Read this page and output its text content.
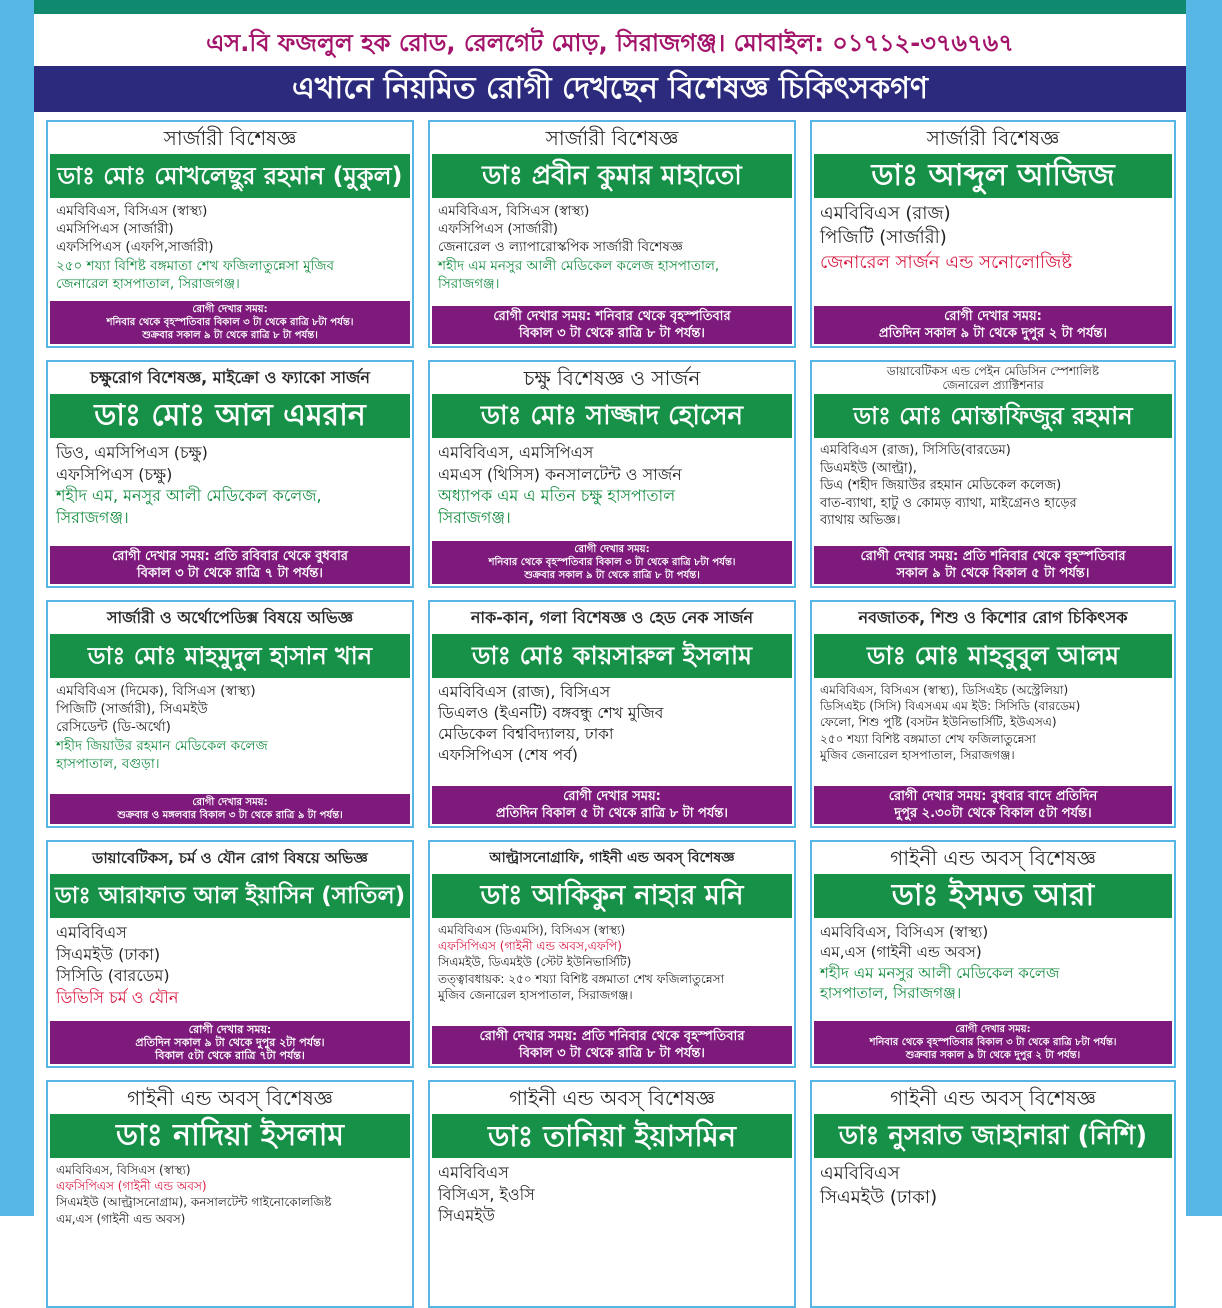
এস.বি ফজলুল হক রোড, রেলগেট মোড়, সিরাজগঞ্জ। মোবাইল: ০১৭১২-৩৭৬৭৬৭
এখানে নিয়মিত রোগী দেখছেন বিশেষজ্ঞ চিকিৎসকগণ
সার্জারী বিশেষজ্ঞ
ডাঃ মোঃ মোখলেছুর রহমান (মুকুল)
এমবিবিএস, বিসিএস (স্বাস্থ্য)
এমসিপিএস (সার্জারী)
এফসিপিএস (এফপি,সার্জারী)
২৫০ শয্যা বিশিষ্ট বঙ্গমাতা শেখ ফজিলাতুন্নেসা মুজিব
জেনারেল হাসপাতাল, সিরাজগঞ্জ।
রোগী দেখার সময়:
শনিবার থেকে বৃহস্পতিবার বিকাল ৩ টা থেকে রাত্রি ৮টা পর্যন্ত।
শুক্রবার সকাল ৯ টা থেকে রাত্রি ৮ টা পর্যন্ত।
সার্জারী বিশেষজ্ঞ
ডাঃ প্রবীন কুমার মাহাতো
এমবিবিএস, বিসিএস (স্বাস্থ্য)
এফসিপিএস (সার্জারী)
জেনারেল ও ল্যাপারোস্কপিক সার্জারী বিশেষজ্ঞ
শহীদ এম মনসুর আলী মেডিকেল কলেজ হাসপাতাল,
সিরাজগঞ্জ।
রোগী দেখার সময়: শনিবার থেকে বৃহস্পতিবার
বিকাল ৩ টা থেকে রাত্রি ৮ টা পর্যন্ত।
সার্জারী বিশেষজ্ঞ
ডাঃ আব্দুল আজিজ
এমবিবিএস (রাজ)
পিজিটি (সার্জারী)
জেনারেল সার্জন এন্ড সনোলোজিষ্ট
রোগী দেখার সময়:
প্রতিদিন সকাল ৯ টা থেকে দুপুর ২ টা পর্যন্ত।
চক্ষুরোগ বিশেষজ্ঞ, মাইক্রো ও ফ্যাকো সার্জন
ডাঃ মোঃ আল এমরান
ডিও, এমসিপিএস (চক্ষু)
এফসিপিএস (চক্ষু)
শহীদ এম, মনসুর আলী মেডিকেল কলেজ,
সিরাজগঞ্জ।
রোগী দেখার সময়: প্রতি রবিবার থেকে বুধবার
বিকাল ৩ টা থেকে রাত্রি ৭ টা পর্যন্ত।
চক্ষু বিশেষজ্ঞ ও সার্জন
ডাঃ মোঃ সাজ্জাদ হোসেন
এমবিবিএস, এমসিপিএস
এমএস (থিসিস) কনসালটেন্ট ও সার্জন
অধ্যাপক এম এ মতিন চক্ষু হাসপাতাল
সিরাজগঞ্জ।
রোগী দেখার সময়:
শনিবার থেকে বৃহস্পতিবার বিকাল ৩ টা থেকে রাত্রি ৮টা পর্যন্ত।
শুক্রবার সকাল ৯ টা থেকে রাত্রি ৮ টা পর্যন্ত।
ডায়াবেটিকস এন্ড পেইন মেডিসিন স্পেশালিষ্ট
জেনারেল প্র্যাক্টিশনার
ডাঃ মোঃ মোস্তাফিজুর রহমান
এমবিবিএস (রাজ), সিসিডি(বারডেম)
ডিএমইউ (আল্ট্রা),
ডিএ (শহীদ জিয়াউর রহমান মেডিকেল কলেজ)
বাত-ব্যাথা, হাটু ও কোমড় ব্যাথা, মাইগ্রেনও হাড়ের
ব্যাথায় অভিজ্ঞ।
রোগী দেখার সময়: প্রতি শনিবার থেকে বৃহস্পতিবার
সকাল ৯ টা থেকে বিকাল ৫ টা পর্যন্ত।
সার্জারী ও অর্থোপেডিক্স বিষয়ে অভিজ্ঞ
ডাঃ মোঃ মাহমুদুল হাসান খান
এমবিবিএস (দিমেক), বিসিএস (স্বাস্থ্য)
পিজিটি (সার্জারী), সিএমইউ
রেসিডেন্ট (ডি-অর্থো)
শহীদ জিয়াউর রহমান মেডিকেল কলেজ
হাসপাতাল, বগুড়া।
রোগী দেখার সময়:
শুক্রবার ও মঙ্গলবার বিকাল ৩ টা থেকে রাত্রি ৯ টা পর্যন্ত।
নাক-কান, গলা বিশেষজ্ঞ ও হেড নেক সার্জন
ডাঃ মোঃ কায়সারুল ইসলাম
এমবিবিএস (রাজ), বিসিএস
ডিএলও (ইএনটি) বঙ্গবন্ধু শেখ মুজিব
মেডিকেল বিশ্ববিদ্যালয়, ঢাকা
এফসিপিএস (শেষ পর্ব)
রোগী দেখার সময়:
প্রতিদিন বিকাল ৫ টা থেকে রাত্রি ৮ টা পর্যন্ত।
নবজাতক, শিশু ও কিশোর রোগ চিকিৎসক
ডাঃ মোঃ মাহবুবুল আলম
এমবিবিএস, বিসিএস (স্বাস্থ্য), ডিসিএইচ (অস্ট্রেলিয়া)
ডিসিএইচ (সিসি) বিএসএম এম ইউ: সিসিডি (বারডেম)
ফেলো, শিশু পুষ্টি (বসটন ইউনিভার্সিটি, ইউএসএ)
২৫০ শয্যা বিশিষ্ট বঙ্গমাতা শেখ ফজিলাতুন্নেসা
মুজিব জেনারেল হাসপাতাল, সিরাজগঞ্জ।
রোগী দেখার সময়: বুধবার বাদে প্রতিদিন
দুপুর ২.৩০টা থেকে বিকাল ৫টা পর্যন্ত।
ডায়াবেটিকস, চর্ম ও যৌন রোগ বিষয়ে অভিজ্ঞ
ডাঃ আরাফাত আল ইয়াসিন (সাতিল)
এমবিবিএস
সিএমইউ (ঢাকা)
সিসিডি (বারডেম)
ডিভিসি চর্ম ও যৌন
রোগী দেখার সময়:
প্রতিদিন সকাল ৯ টা থেকে দুপুর ২টা পর্যন্ত।
বিকাল ৫টা থেকে রাত্রি ৭টা পর্যন্ত।
আল্ট্রাসনোগ্রাফি, গাইনী এন্ড অবস্ বিশেষজ্ঞ
ডাঃ আকিকুন নাহার মনি
এমবিবিএস (ডিএমসি), বিসিএস (স্বাস্থ্য)
এফসিপিএস (গাইনী এন্ড অবস,এফপি)
সিএমইউ, ডিএমইউ (স্টেট ইউনিভার্সিটি)
তত্ত্বাবধায়ক: ২৫০ শয্যা বিশিষ্ট বঙ্গমাতা শেখ ফজিলাতুন্নেসা
মুজিব জেনারেল হাসপাতাল, সিরাজগঞ্জ।
রোগী দেখার সময়: প্রতি শনিবার থেকে বৃহস্পতিবার
বিকাল ৩ টা থেকে রাত্রি ৮ টা পর্যন্ত।
গাইনী এন্ড অবস্ বিশেষজ্ঞ
ডাঃ ইসমত আরা
এমবিবিএস, বিসিএস (স্বাস্থ্য)
এম,এস (গাইনী এন্ড অবস)
শহীদ এম মনসুর আলী মেডিকেল কলেজ
হাসপাতাল, সিরাজগঞ্জ।
রোগী দেখার সময়:
শনিবার থেকে বৃহস্পতিবার বিকাল ৩ টা থেকে রাত্রি ৮টা পর্যন্ত।
শুক্রবার সকাল ৯ টা থেকে দুপুর ২ টা পর্যন্ত।
গাইনী এন্ড অবস্ বিশেষজ্ঞ
ডাঃ নাদিয়া ইসলাম
এমবিবিএস, বিসিএস (স্বাস্থ্য)
এফসিপিএস (গাইনী এন্ড অবস)
সিএমইউ (আল্ট্রাসনোগ্রাম), কনসালটেন্ট গাইনোকোলজিষ্ট
এম,এস (গাইনী এন্ড অবস)
গাইনী এন্ড অবস্ বিশেষজ্ঞ
ডাঃ তানিয়া ইয়াসমিন
এমবিবিএস
বিসিএস, ইওসি
সিএমইউ
গাইনী এন্ড অবস্ বিশেষজ্ঞ
ডাঃ নুসরাত জাহানারা (নিশি)
এমবিবিএস
সিএমইউ (ঢাকা)
